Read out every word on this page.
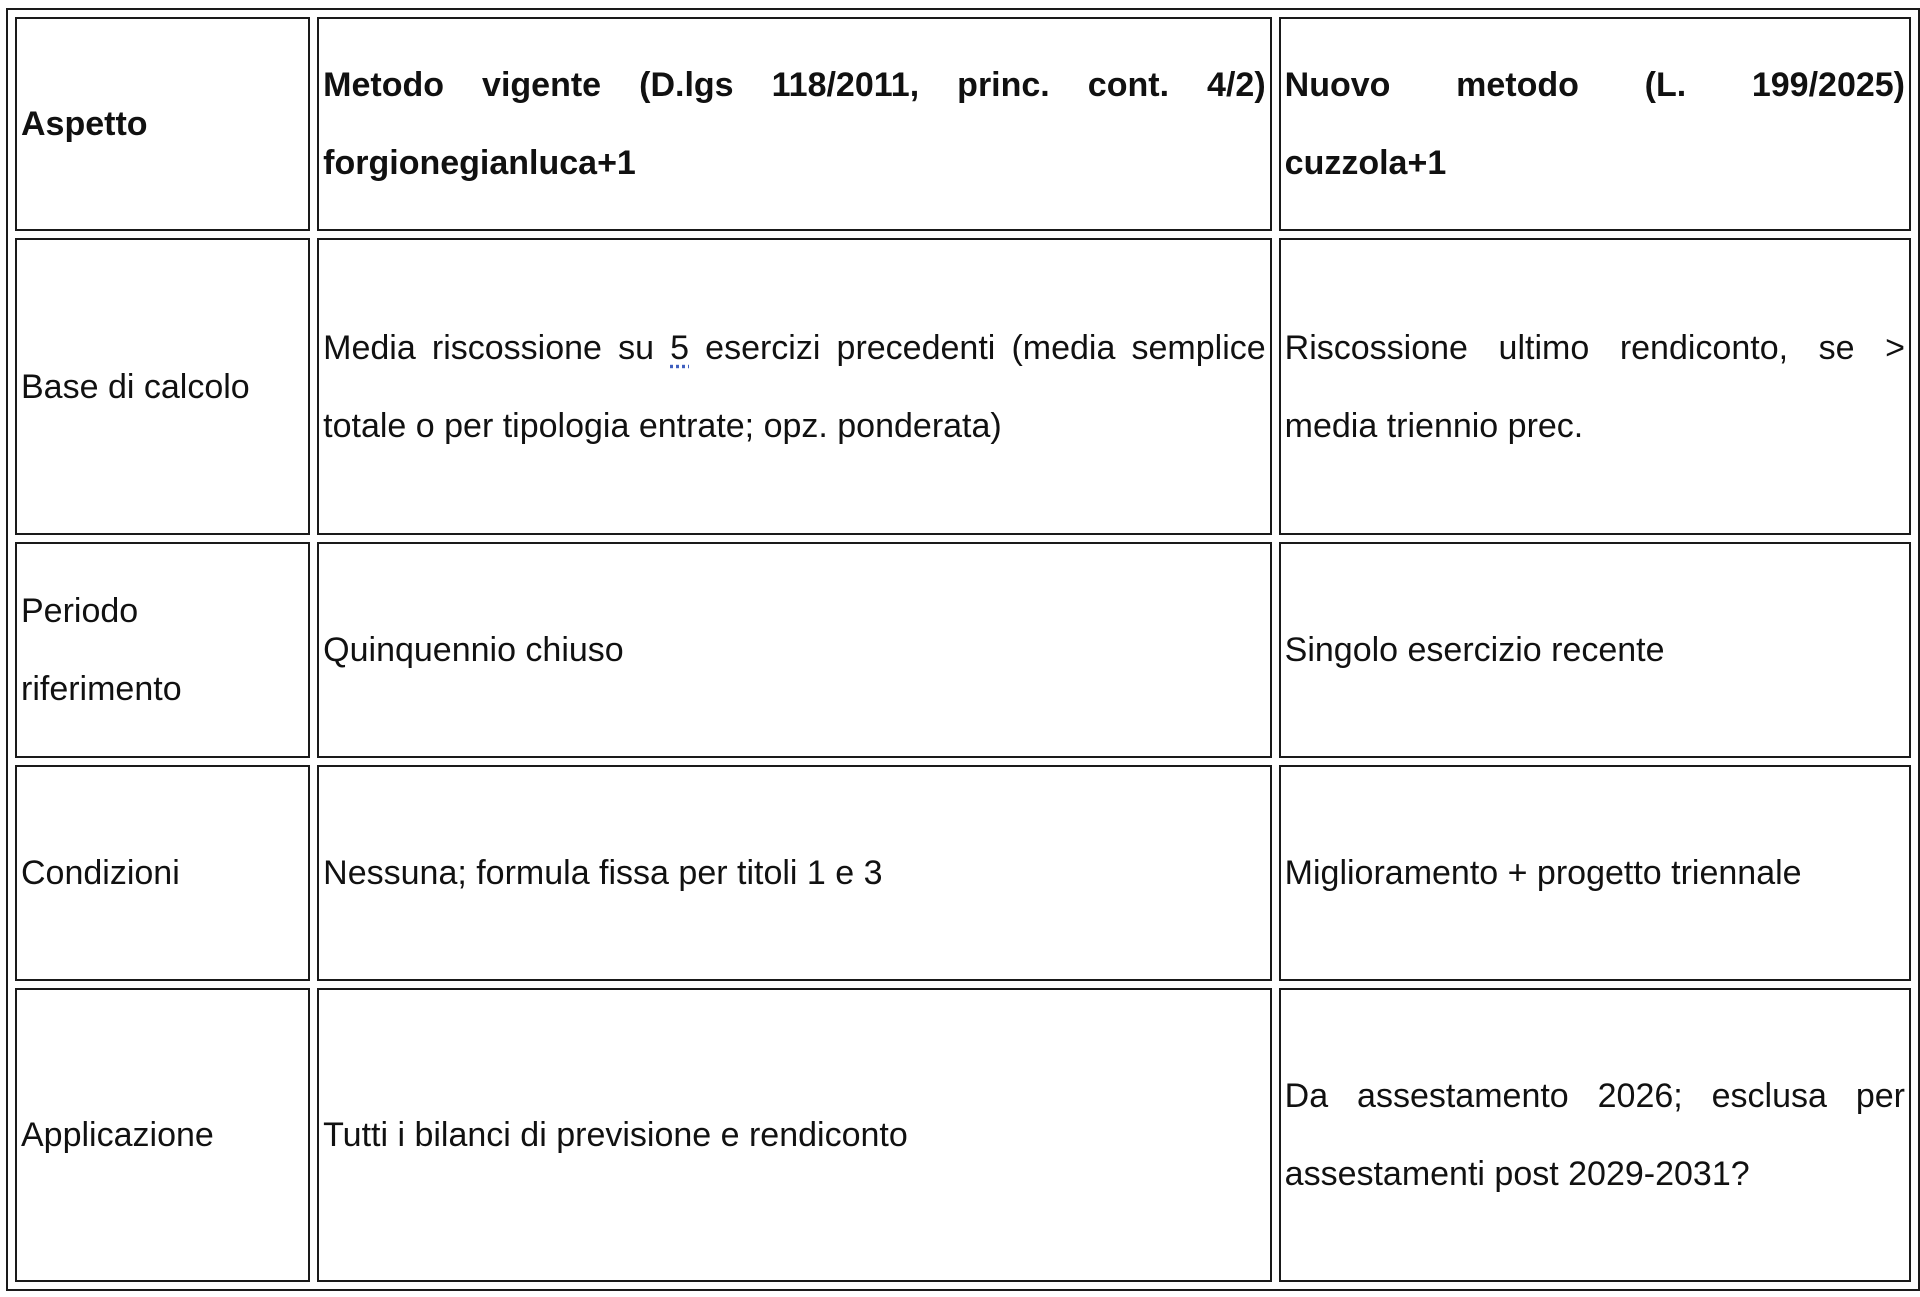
Aspetto	Metodo vigente (D.lgs 118/2011, princ. cont. 4/2) forgionegianluca+1	Nuovo metodo (L. 199/2025) cuzzola+1
Base di calcolo	Media riscossione su 5 esercizi precedenti (media semplice totale o per tipologia entrate; opz. ponderata)	Riscossione ultimo rendiconto, se > media triennio prec.
Periodo riferimento	Quinquennio chiuso	Singolo esercizio recente
Condizioni	Nessuna; formula fissa per titoli 1 e 3	Miglioramento + progetto triennale
Applicazione	Tutti i bilanci di previsione e rendiconto	Da assestamento 2026; esclusa per assestamenti post 2029-2031?
